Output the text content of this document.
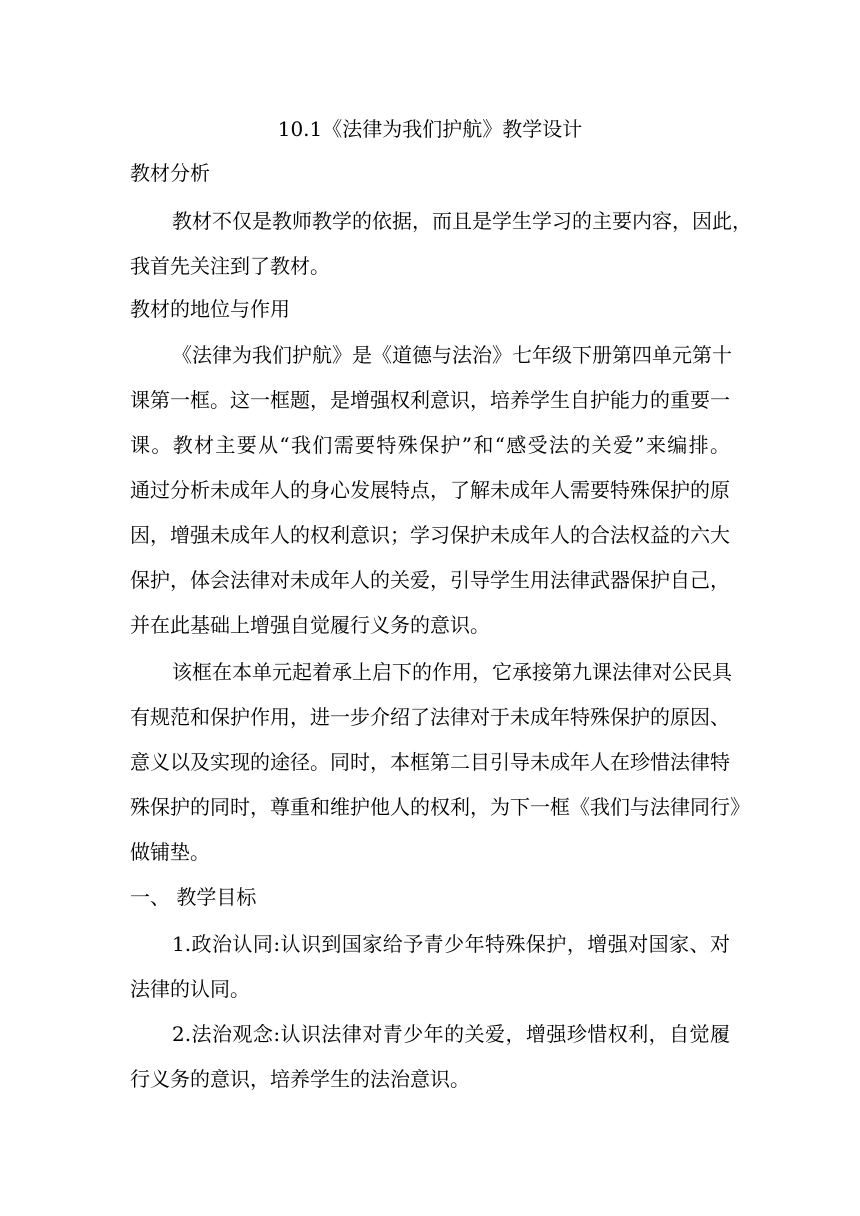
10.1《法律为我们护航》教学设计
教材分析
教材不仅是教师教学的依据，而且是学生学习的主要内容，因此，
我首先关注到了教材。
教材的地位与作用
《法律为我们护航》是《道德与法治》七年级下册第四单元第十
课第一框。这一框题，是增强权利意识，培养学生自护能力的重要一
课。教材主要从“我们需要特殊保护”和“感受法的关爱”来编排。
通过分析未成年人的身心发展特点，了解未成年人需要特殊保护的原
因，增强未成年人的权利意识；学习保护未成年人的合法权益的六大
保护，体会法律对未成年人的关爱，引导学生用法律武器保护自己，
并在此基础上增强自觉履行义务的意识。
该框在本单元起着承上启下的作用，它承接第九课法律对公民具
有规范和保护作用，进一步介绍了法律对于未成年特殊保护的原因、
意义以及实现的途径。同时，本框第二目引导未成年人在珍惜法律特
殊保护的同时，尊重和维护他人的权利，为下一框《我们与法律同行》
做铺垫。
一、 教学目标
1.政治认同:认识到国家给予青少年特殊保护，增强对国家、对
法律的认同。
2.法治观念:认识法律对青少年的关爱，增强珍惜权利，自觉履
行义务的意识，培养学生的法治意识。
